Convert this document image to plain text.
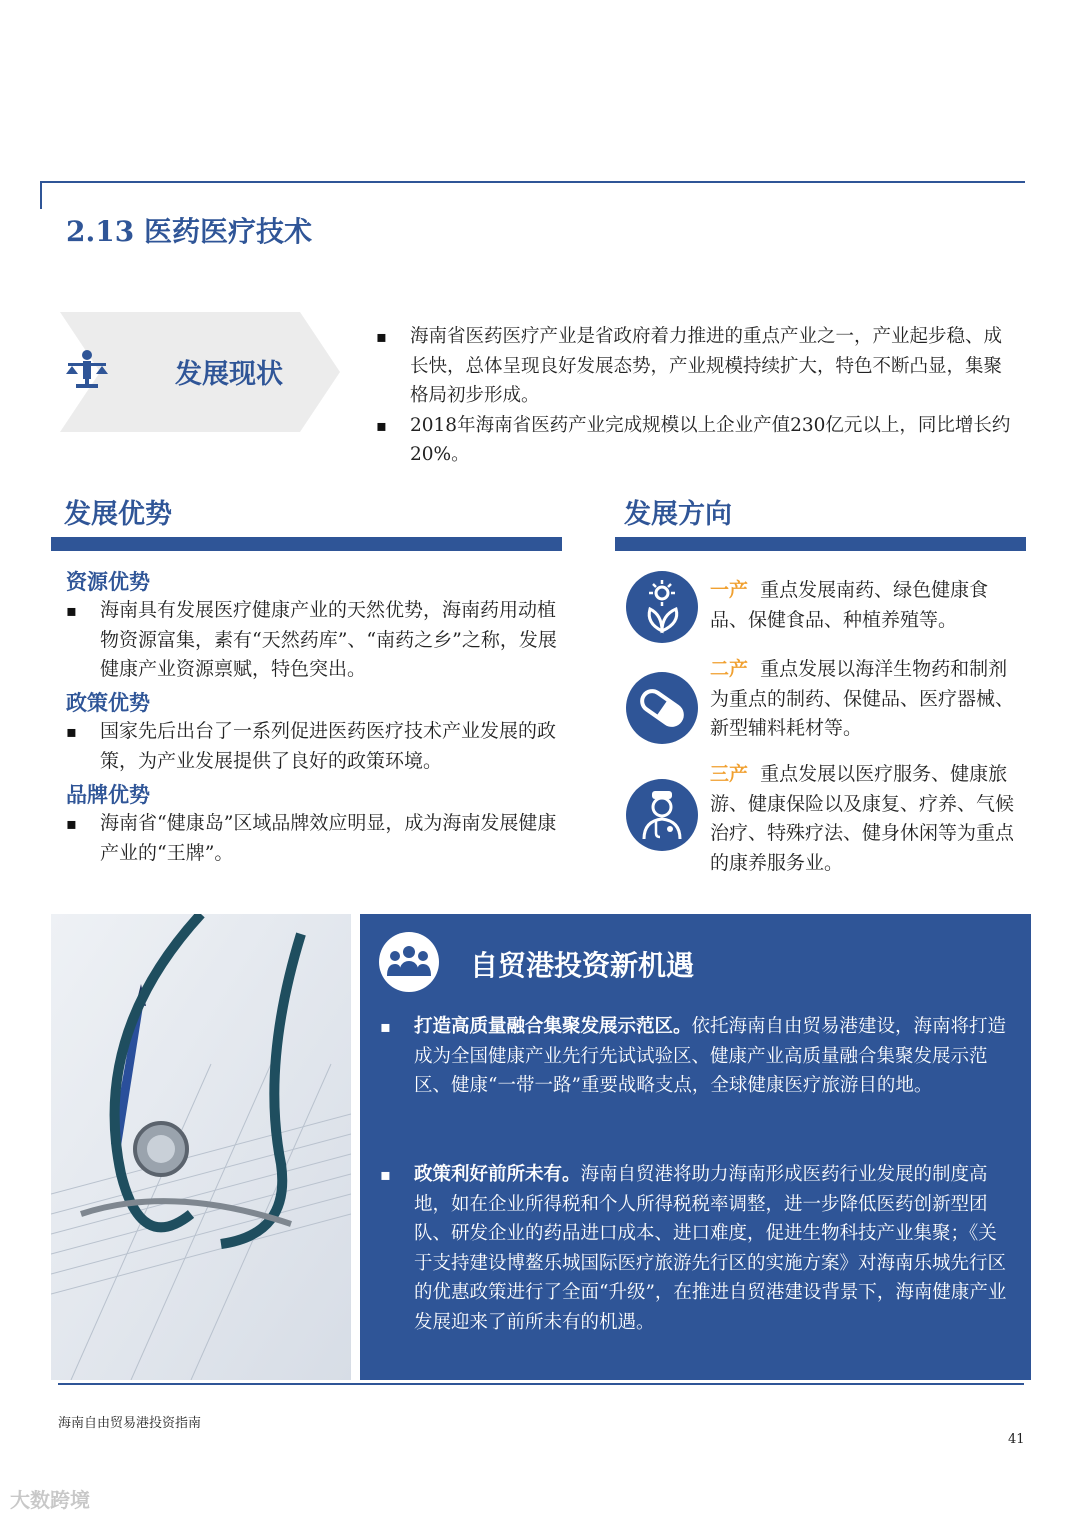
2.13 医药医疗技术
发展现状
▪ 海南省医药医疗产业是省政府着力推进的重点产业之一，产业起步稳、成长快，总体呈现良好发展态势，产业规模持续扩大，特色不断凸显，集聚格局初步形成。
▪ 2018年海南省医药产业完成规模以上企业产值230亿元以上，同比增长约20%。
发展优势
资源优势
▪ 海南具有发展医疗健康产业的天然优势，海南药用动植物资源富集，素有“天然药库”、“南药之乡”之称，发展健康产业资源禀赋，特色突出。
政策优势
▪ 国家先后出台了一系列促进医药医疗技术产业发展的政策，为产业发展提供了良好的政策环境。
品牌优势
▪ 海南省“健康岛”区域品牌效应明显，成为海南发展健康产业的“王牌”。
发展方向
一产 重点发展南药、绿色健康食品、保健食品、种植养殖等。
二产 重点发展以海洋生物药和制剂为重点的制药、保健品、医疗器械、新型辅料耗材等。
三产 重点发展以医疗服务、健康旅游、健康保险以及康复、疗养、气候治疗、特殊疗法、健身休闲等为重点的康养服务业。
自贸港投资新机遇
▪ 打造高质量融合集聚发展示范区。依托海南自由贸易港建设，海南将打造成为全国健康产业先行先试试验区、健康产业高质量融合集聚发展示范区、健康“一带一路”重要战略支点，全球健康医疗旅游目的地。
▪ 政策利好前所未有。海南自贸港将助力海南形成医药行业发展的制度高地，如在企业所得税和个人所得税税率调整，进一步降低医药创新型团队、研发企业的药品进口成本、进口难度，促进生物科技产业集聚；《关于支持建设博鳌乐城国际医疗旅游先行区的实施方案》对海南乐城先行区的优惠政策进行了全面“升级”，在推进自贸港建设背景下，海南健康产业发展迎来了前所未有的机遇。
海南自由贸易港投资指南
41
大数跨境
